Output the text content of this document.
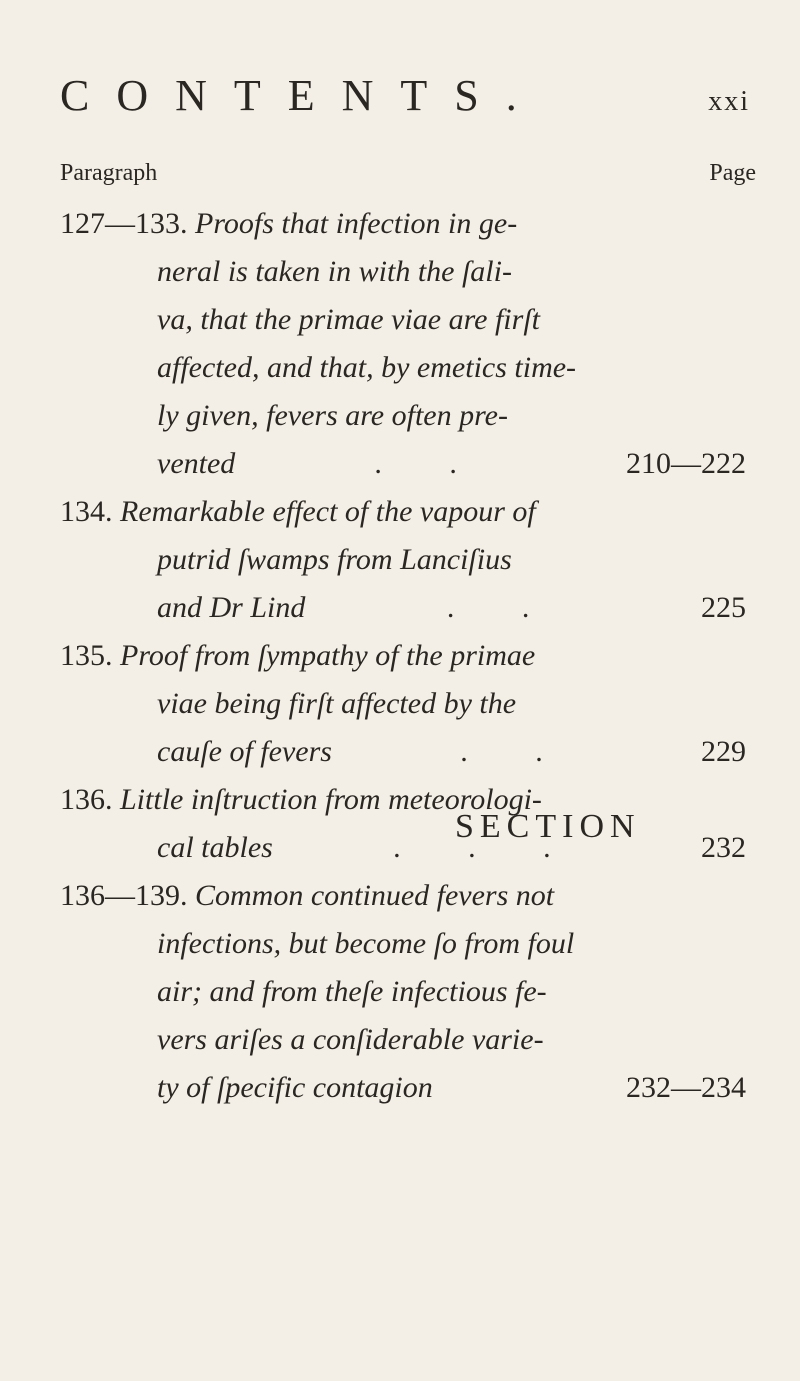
CONTENTS.	xxi
Paragraph	Page
127—133.
Proofs that infection in ge-
neral is taken in with the ſali-
va, that the primae viae are firſt
affected, and that, by emetics time-
ly given, fevers are often pre-
vented	. .	210—222
134.
Remarkable effect of the vapour of
putrid ſwamps from Lanciſius
and Dr Lind	. .	225
135.
Proof from ſympathy of the primae
viae being firſt affected by the
cauſe of fevers	. .	229
136.
Little inſtruction from meteorologi-
cal tables	. . .	232
136—139.
Common continued fevers not
infections, but become ſo from foul
air; and from theſe infectious fe-
vers ariſes a conſiderable varie-
ty of ſpecific contagion	232—234
SECTION
